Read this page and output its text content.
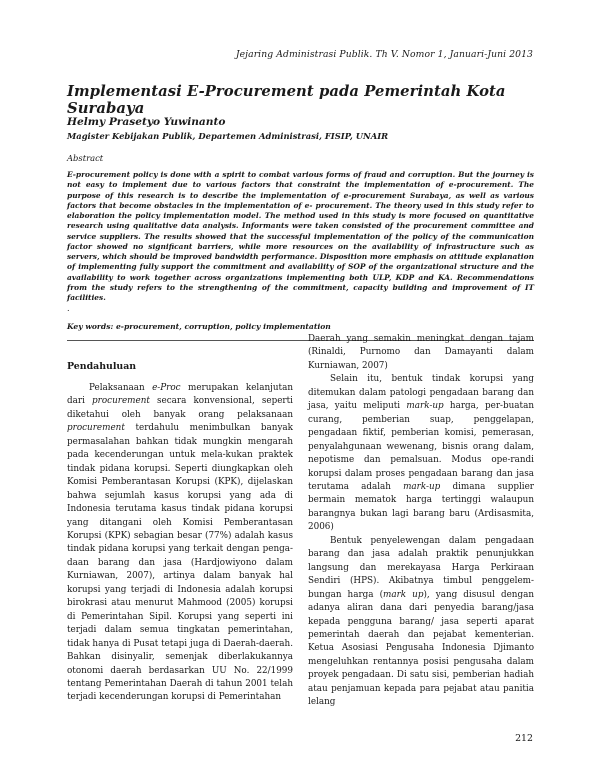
Jejaring Administrasi Publik. Th V. Nomor 1, Januari-Juni 2013
Implementasi E-Procurement pada Pemerintah Kota Surabaya
Helmy Prasetyo Yuwinanto
Magister Kebijakan Publik, Departemen Administrasi, FISIP, UNAIR
Abstract

E-procurement policy is done with a spirit to combat various forms of fraud and corruption. But the journey is not easy to implement due to various factors that constraint the implementation of e-procurement. The purpose of this research is to describe the implementation of e-procurement Surabaya, as well as various factors that become obstacles in the implementation of e- procurement. The theory used in this study refer to elaboration the policy implementation model. The method used in this study is more focused on quantitative research using qualitative data analysis. Informants were taken consisted of the procurement committee and service suppliers. The results showed that the successful implementation of the policy of the communication factor showed no significant barriers, while more resources on the availability of infrastructure such as servers, which should be improved bandwidth performance. Disposition more emphasis on attitude explanation of implementing fully support the commitment and availability of SOP of the organizational structure and the availability to work together across organizations implementing both ULP, KDP and KA. Recommendations from the study refers to the strengthening of the commitment, capacity building and improvement of IT facilities.

.
Key words: e-procurement, corruption, policy implementation
Pendahuluan

Pelaksanaan e-Proc merupakan kelanjutan dari procurement secara konvensional, seperti diketahui oleh banyak orang pelaksanaan procurement terdahulu menimbulkan banyak permasalahan bahkan tidak mungkin mengarah pada kecenderungan untuk mela-kukan praktek tindak pidana korupsi. Seperti diungkapkan oleh Komisi Pemberantasan Korupsi (KPK), dijelaskan bahwa sejumlah kasus korupsi yang ada di Indonesia terutama kasus tindak pidana korupsi yang ditangani oleh Komisi Pemberantasan Korupsi (KPK) sebagian besar (77%) adalah kasus tindak pidana korupsi yang terkait dengan penga-daan barang dan jasa (Hardjowiyono dalam Kurniawan, 2007), artinya dalam banyak hal korupsi yang terjadi di Indonesia adalah korupsi birokrasi atau menurut Mahmood (2005) korupsi di Pemerintahan Sipil. Korupsi yang seperti ini terjadi dalam semua tingkatan pemerintahan, tidak hanya di Pusat tetapi juga di Daerah-daerah. Bahkan disinyalir, semenjak diberlakukannya otonomi daerah berdasarkan UU No. 22/1999 tentang Pemerintahan Daerah di tahun 2001 telah terjadi kecenderungan korupsi di Pemerintahan

Daerah yang semakin meningkat dengan tajam (Rinaldi, Purnomo dan Damayanti dalam Kurniawan, 2007)

Selain itu, bentuk tindak korupsi yang ditemukan dalam patologi pengadaan barang dan jasa, yaitu meliputi mark-up harga, per-buatan curang, pemberian suap, penggelapan, pengadaan fiktif, pemberian komisi, pemerasan, penyalahgunaan wewenang, bisnis orang dalam, nepotisme dan pemalsuan. Modus ope-randi korupsi dalam proses pengadaan barang dan jasa terutama adalah mark-up dimana supplier bermain mematok harga tertinggi walaupun barangnya bukan lagi barang baru (Ardisasmita, 2006)

Bentuk penyelewengan dalam pengadaan barang dan jasa adalah praktik penunjukkan langsung dan merekayasa Harga Perkiraan Sendiri (HPS). Akibatnya timbul penggelem-bungan harga (mark up), yang disusul dengan adanya aliran dana dari penyedia barang/jasa kepada pengguna barang/ jasa seperti aparat pemerintah daerah dan pejabat kementerian. Ketua Asosiasi Pengusaha Indonesia Djimanto mengeluhkan rentannya posisi pengusaha dalam proyek pengadaan. Di satu sisi, pemberian hadiah atau penjamuan kepada para pejabat atau panitia lelang

212
